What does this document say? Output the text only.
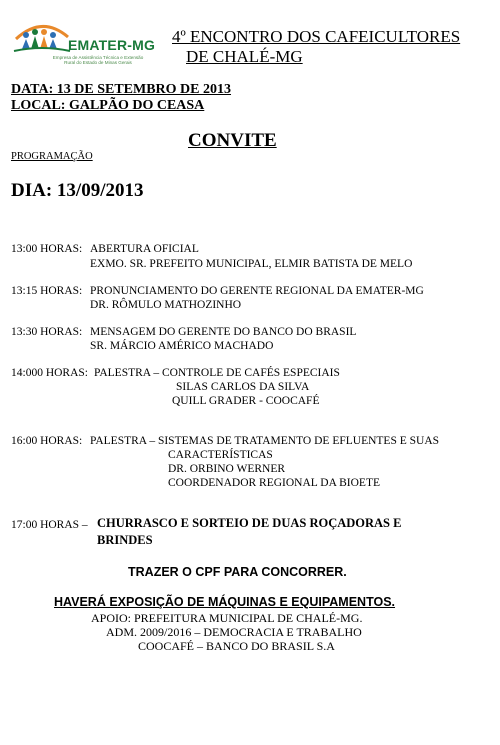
EMATER-MG
Empresa de Assistência Técnica e Extensão Rural do Estado de Minas Gerais
4º ENCONTRO DOS CAFEICULTORES
DE CHALÉ-MG
DATA: 13 DE SETEMBRO DE 2013
LOCAL: GALPÃO DO CEASA
CONVITE
PROGRAMAÇÃO
DIA: 13/09/2013
13:00 HORAS: ABERTURA OFICIAL
EXMO. SR. PREFEITO MUNICIPAL, ELMIR BATISTA DE MELO
13:15 HORAS: PRONUNCIAMENTO DO GERENTE REGIONAL DA EMATER-MG
DR. RÔMULO MATHOZINHO
13:30 HORAS: MENSAGEM DO GERENTE DO BANCO DO BRASIL
SR. MÁRCIO AMÉRICO MACHADO
14:000 HORAS: PALESTRA – CONTROLE DE CAFÉS ESPECIAIS
SILAS CARLOS DA SILVA
QUILL GRADER - COOCAFÉ
16:00 HORAS: PALESTRA – SISTEMAS DE TRATAMENTO DE EFLUENTES E SUAS
CARACTERÍSTICAS
DR. ORBINO WERNER
COORDENADOR REGIONAL DA BIOETE
17:00 HORAS – CHURRASCO E SORTEIO DE DUAS ROÇADORAS E
BRINDES
TRAZER O CPF PARA CONCORRER.
HAVERÁ EXPOSIÇÃO DE MÁQUINAS E EQUIPAMENTOS.
APOIO: PREFEITURA MUNICIPAL DE CHALÉ-MG.
ADM. 2009/2016 – DEMOCRACIA E TRABALHO
COOCAFÉ – BANCO DO BRASIL S.A
